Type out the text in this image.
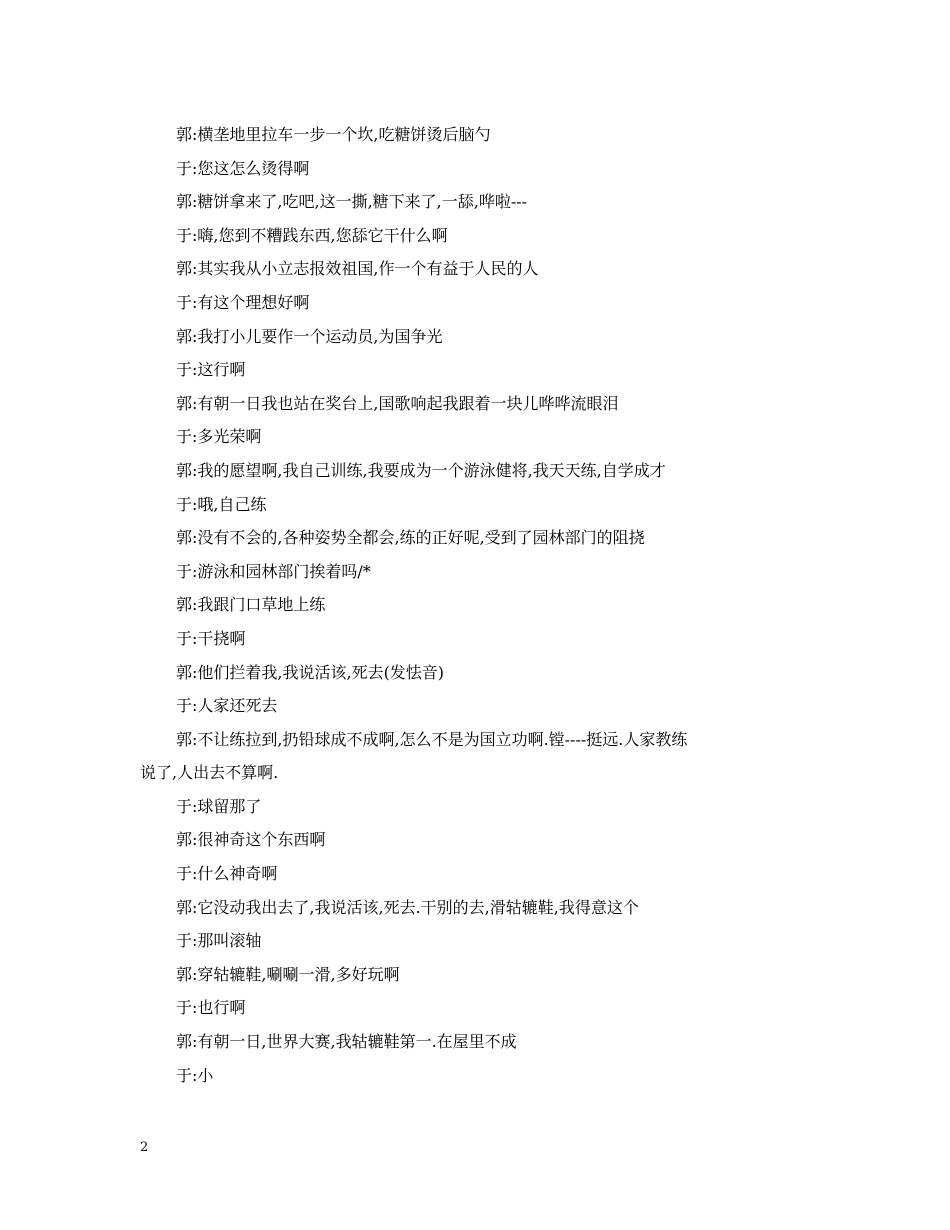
郭:横垄地里拉车一步一个坎,吃糖饼烫后脑勺
于:您这怎么烫得啊
郭:糖饼拿来了,吃吧,这一撕,糖下来了,一舔,哗啦---
于:嗨,您到不糟践东西,您舔它干什么啊
郭:其实我从小立志报效祖国,作一个有益于人民的人
于:有这个理想好啊
郭:我打小儿要作一个运动员,为国争光
于:这行啊
郭:有朝一日我也站在奖台上,国歌响起我跟着一块儿哗哗流眼泪
于:多光荣啊
郭:我的愿望啊,我自己训练,我要成为一个游泳健将,我天天练,自学成才
于:哦,自己练
郭:没有不会的,各种姿势全都会,练的正好呢,受到了园林部门的阻挠
于:游泳和园林部门挨着吗/*
郭:我跟门口草地上练
于:干挠啊
郭:他们拦着我,我说活该,死去(发怯音)
于:人家还死去
郭:不让练拉到,扔铅球成不成啊,怎么不是为国立功啊.镗----挺远.人家教练
说了,人出去不算啊.
于:球留那了
郭:很神奇这个东西啊
于:什么神奇啊
郭:它没动我出去了,我说活该,死去.干别的去,滑轱辘鞋,我得意这个
于:那叫滚轴
郭:穿轱辘鞋,唰唰一滑,多好玩啊
于:也行啊
郭:有朝一日,世界大赛,我轱辘鞋第一.在屋里不成
于:小
2
